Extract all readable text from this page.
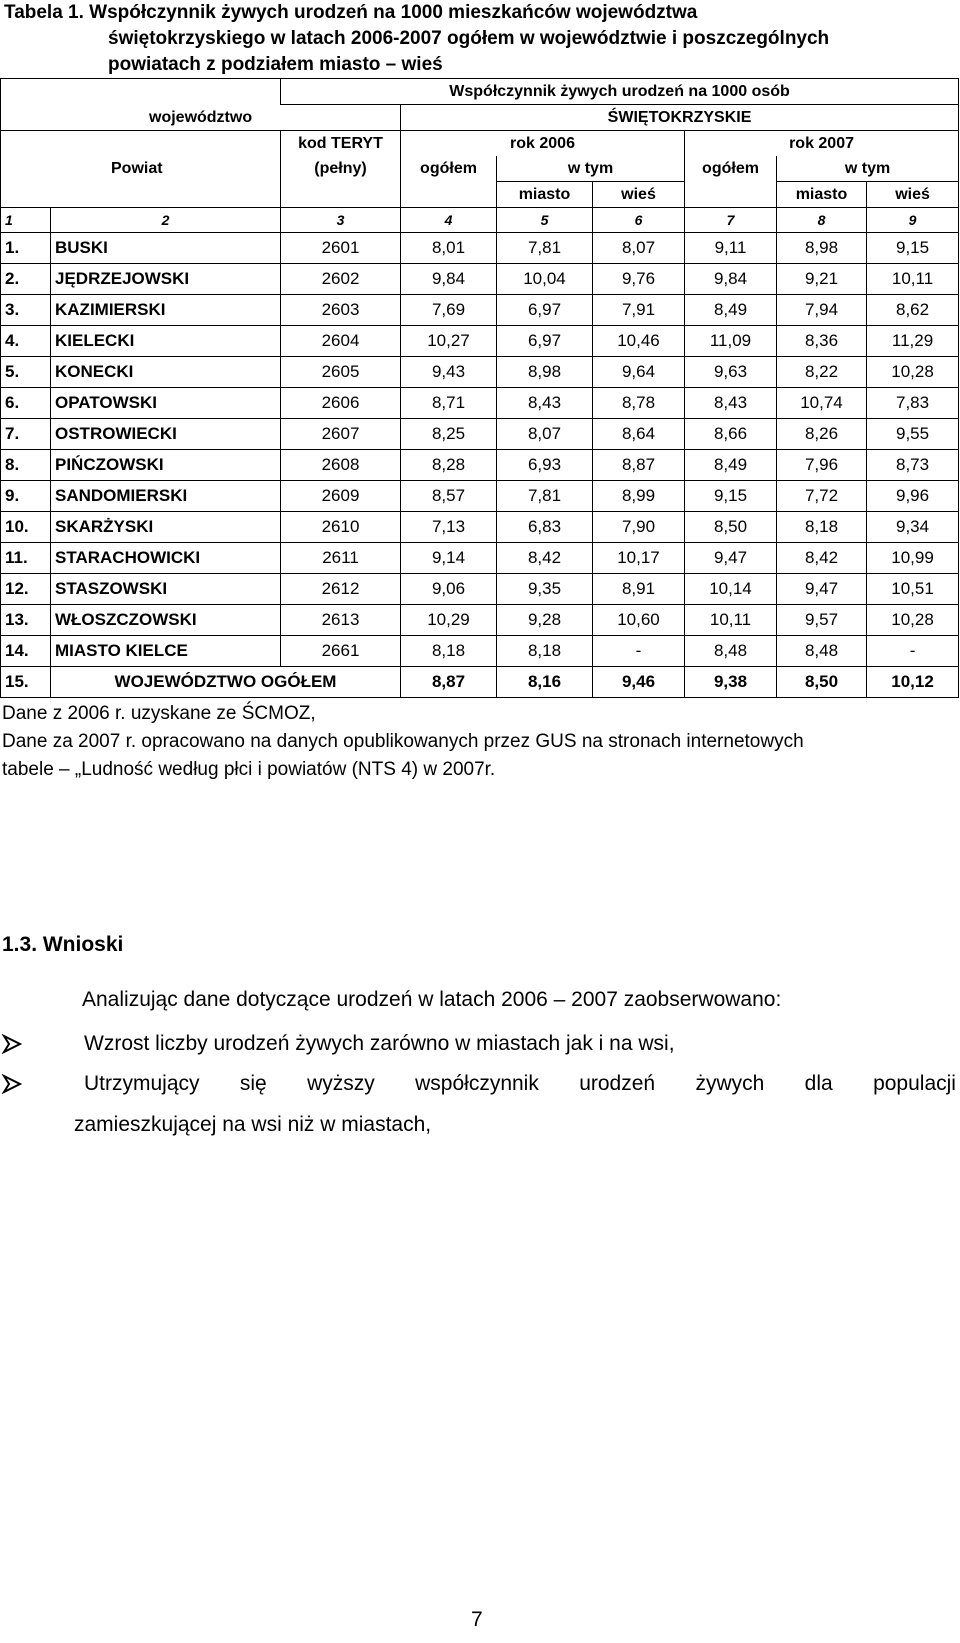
Tabela 1. Współczynnik żywych urodzeń na 1000 mieszkańców województwa
świętokrzyskiego w latach 2006-2007 ogółem w województwie i poszczególnych
powiatach z podziałem miasto – wieś
		Współczynnik żywych urodzeń na 1000 osób						
województwo			ŚWIĘTOKRZYSKIE					
Powiat		kod TERYT	rok 2006			rok 2007		
		(pełny)	ogółem	w tym		ogółem	w tym	
				miasto	wieś		miasto	wieś
1	2	3	4	5	6	7	8	9
1.	BUSKI	2601	8,01	7,81	8,07	9,11	8,98	9,15
2.	JĘDRZEJOWSKI	2602	9,84	10,04	9,76	9,84	9,21	10,11
3.	KAZIMIERSKI	2603	7,69	6,97	7,91	8,49	7,94	8,62
4.	KIELECKI	2604	10,27	6,97	10,46	11,09	8,36	11,29
5.	KONECKI	2605	9,43	8,98	9,64	9,63	8,22	10,28
6.	OPATOWSKI	2606	8,71	8,43	8,78	8,43	10,74	7,83
7.	OSTROWIECKI	2607	8,25	8,07	8,64	8,66	8,26	9,55
8.	PIŃCZOWSKI	2608	8,28	6,93	8,87	8,49	7,96	8,73
9.	SANDOMIERSKI	2609	8,57	7,81	8,99	9,15	7,72	9,96
10.	SKARŻYSKI	2610	7,13	6,83	7,90	8,50	8,18	9,34
11.	STARACHOWICKI	2611	9,14	8,42	10,17	9,47	8,42	10,99
12.	STASZOWSKI	2612	9,06	9,35	8,91	10,14	9,47	10,51
13.	WŁOSZCZOWSKI	2613	10,29	9,28	10,60	10,11	9,57	10,28
14.	MIASTO KIELCE	2661	8,18	8,18	-	8,48	8,48	-
15.	WOJEWÓDZTWO OGÓŁEM		8,87	8,16	9,46	9,38	8,50	10,12
Dane z 2006 r. uzyskane ze ŚCMOZ,
Dane za 2007 r. opracowano na danych opublikowanych przez GUS na stronach internetowych
tabele – „Ludność według płci i powiatów (NTS 4) w 2007r.
1.3. Wnioski
Analizując dane dotyczące urodzeń w latach 2006 – 2007 zaobserwowano:
Wzrost liczby urodzeń żywych zarówno w miastach jak i na wsi,
Utrzymujący się wyższy współczynnik urodzeń żywych dla populacji
zamieszkującej na wsi niż w miastach,
7
